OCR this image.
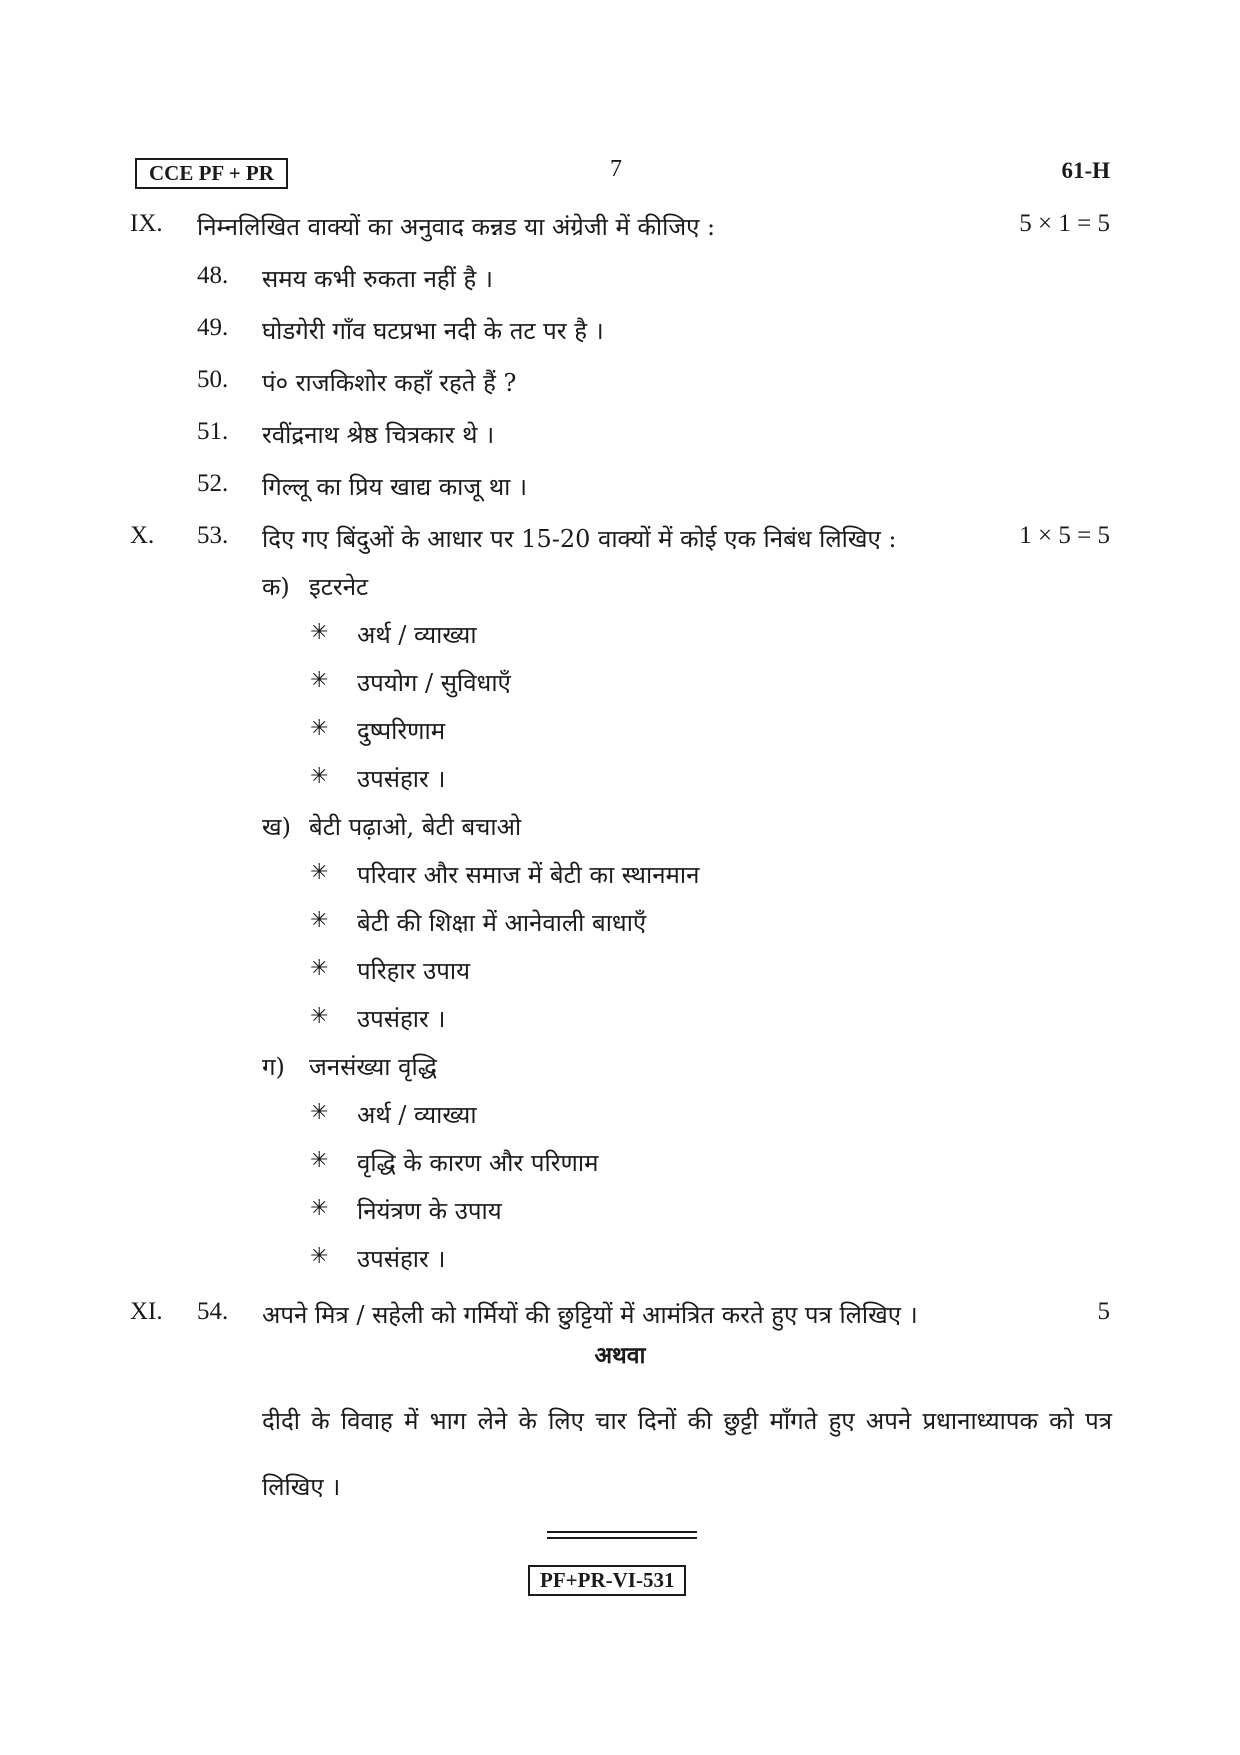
CCE PF + PR	7	61-H
IX. निम्नलिखित वाक्यों का अनुवाद कन्नड या अंग्रेजी में कीजिए :	5 × 1 = 5
48. समय कभी रुकता नहीं है ।
49. घोडगेरी गाँव घटप्रभा नदी के तट पर है ।
50. पं० राजकिशोर कहाँ रहते हैं ?
51. रवींद्रनाथ श्रेष्ठ चित्रकार थे ।
52. गिल्लू का प्रिय खाद्य काजू था ।
X. 53. दिए गए बिंदुओं के आधार पर 15-20 वाक्यों में कोई एक निबंध लिखिए :	1 × 5 = 5
क) इटरनेट
✳ अर्थ / व्याख्या
✳ उपयोग / सुविधाएँ
✳ दुष्परिणाम
✳ उपसंहार ।
ख) बेटी पढ़ाओ, बेटी बचाओ
✳ परिवार और समाज में बेटी का स्थानमान
✳ बेटी की शिक्षा में आनेवाली बाधाएँ
✳ परिहार उपाय
✳ उपसंहार ।
ग) जनसंख्या वृद्धि
✳ अर्थ / व्याख्या
✳ वृद्धि के कारण और परिणाम
✳ नियंत्रण के उपाय
✳ उपसंहार ।
XI. 54. अपने मित्र / सहेली को गर्मियों की छुट्टियों में आमंत्रित करते हुए पत्र लिखिए ।	5
अथवा
दीदी के विवाह में भाग लेने के लिए चार दिनों की छुट्टी माँगते हुए अपने प्रधानाध्यापक को पत्र लिखिए ।
PF+PR-VI-531
